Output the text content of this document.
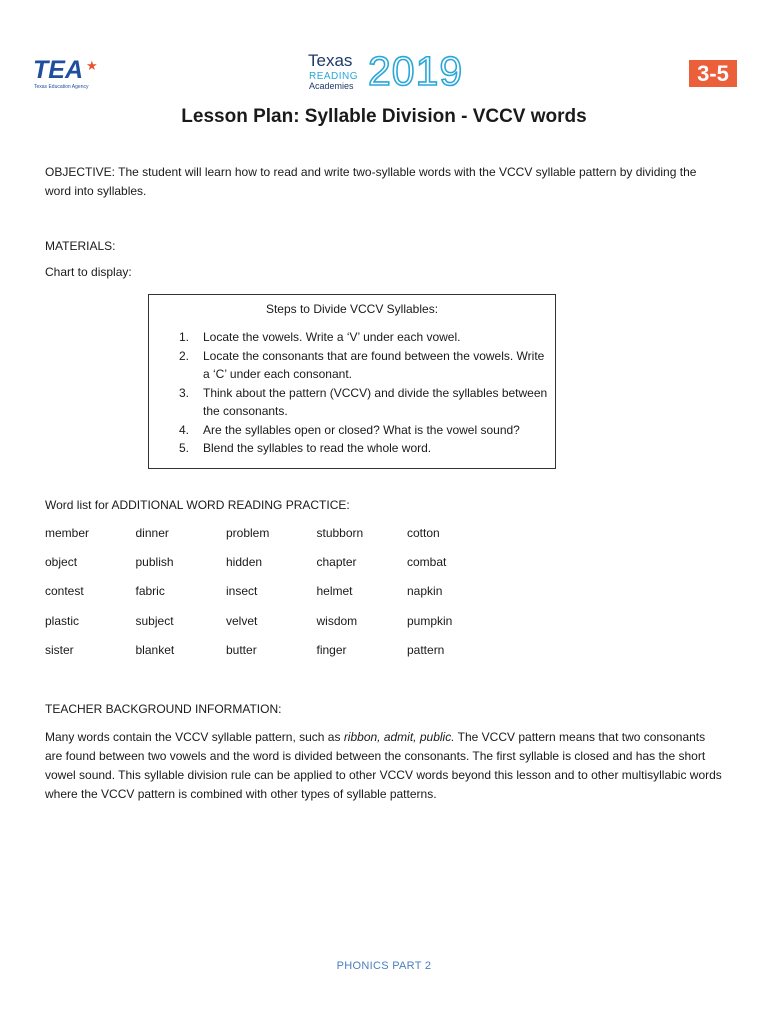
TEA ★
Texas Education Agency
Texas
READING
Academies 2019	3-5
Lesson Plan: Syllable Division - VCCV words
OBJECTIVE: The student will learn how to read and write two-syllable words with the VCCV syllable pattern by dividing the word into syllables.
MATERIALS:
Chart to display:
Steps to Divide VCCV Syllables:
1.	Locate the vowels. Write a ‘V’ under each vowel.
2.	Locate the consonants that are found between the vowels. Write a ‘C’ under each consonant.
3.	Think about the pattern (VCCV) and divide the syllables between the consonants.
4.	Are the syllables open or closed? What is the vowel sound?
5.	Blend the syllables to read the whole word.
Word list for ADDITIONAL WORD READING PRACTICE:
member	dinner	problem	stubborn	cotton
object	publish	hidden	chapter	combat
contest	fabric	insect	helmet	napkin
plastic	subject	velvet	wisdom	pumpkin
sister	blanket	butter	finger	pattern
TEACHER BACKGROUND INFORMATION:
Many words contain the VCCV syllable pattern, such as ribbon, admit, public. The VCCV pattern means that two consonants are found between two vowels and the word is divided between the consonants. The first syllable is closed and has the short vowel sound. This syllable division rule can be applied to other VCCV words beyond this lesson and to other multisyllabic words where the VCCV pattern is combined with other types of syllable patterns.
PHONICS PART 2
